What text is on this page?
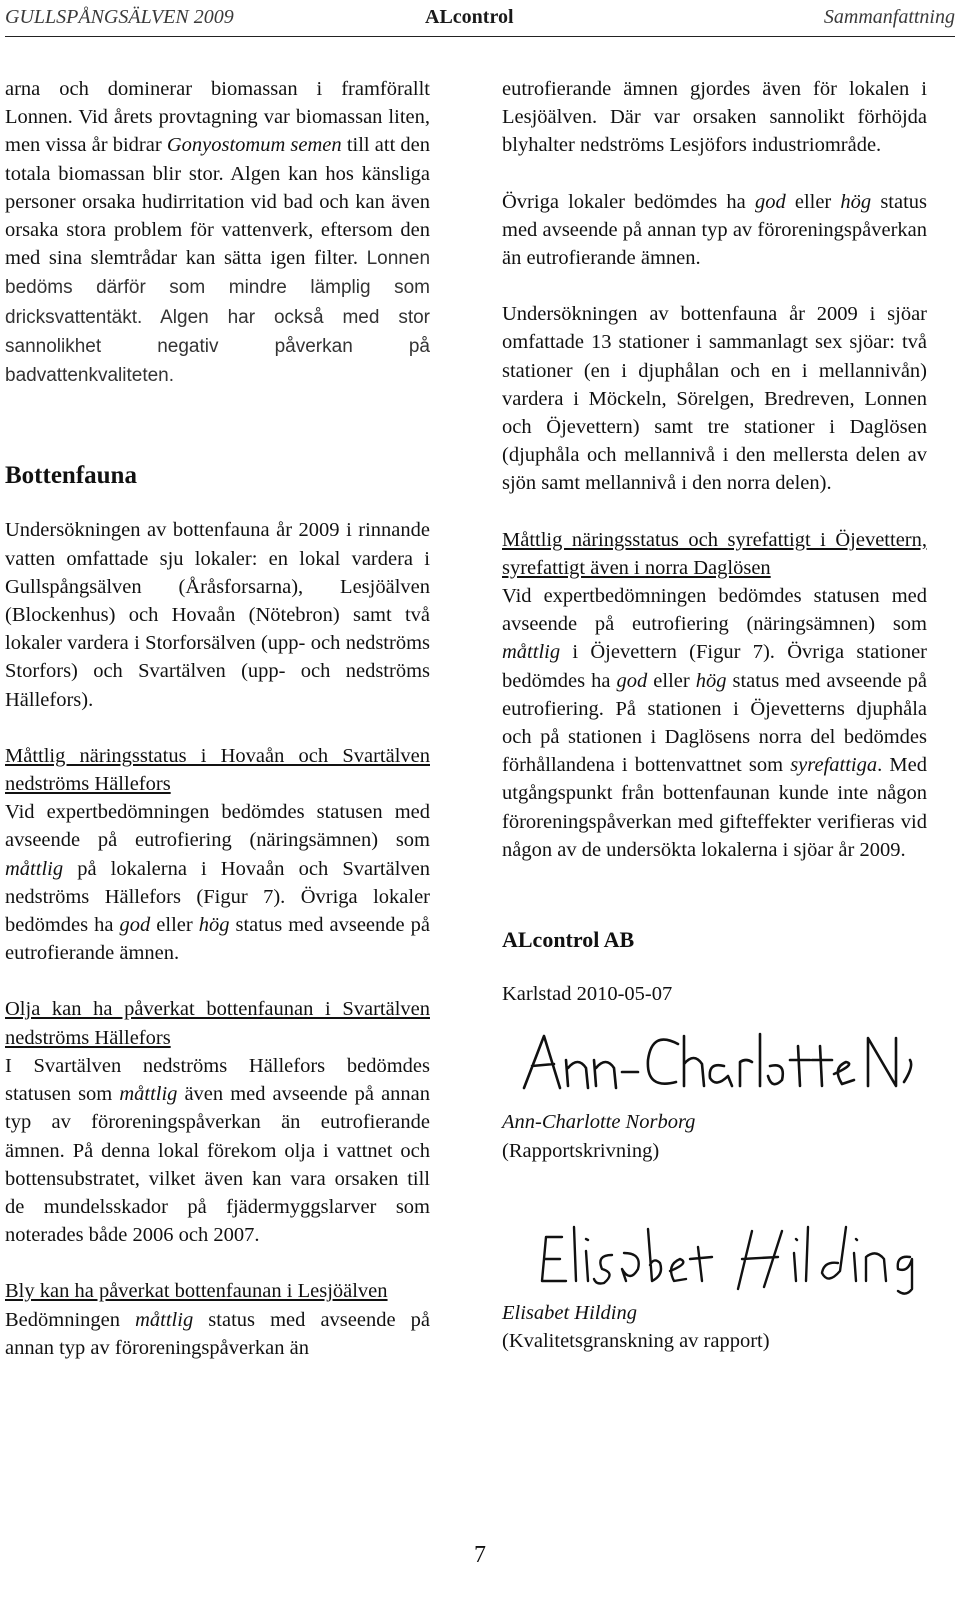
GULLSPÅNGSÄLVEN 2009	ALcontrol	Sammanfattning

arna och dominerar biomassan i framförallt Lonnen. Vid årets provtagning var biomassan liten, men vissa år bidrar Gonyostomum semen till att den totala biomassan blir stor. Algen kan hos känsliga personer orsaka hudirritation vid bad och kan även orsaka stora problem för vattenverk, eftersom den med sina slemtrådar kan sätta igen filter. Lonnen bedöms därför som mindre lämplig som dricksvattentäkt. Algen har också med stor sannolikhet negativ påverkan på badvattenkvaliteten.

Bottenfauna

Undersökningen av bottenfauna år 2009 i rinnande vatten omfattade sju lokaler: en lokal vardera i Gullspångsälven (Åråsforsarna), Lesjöälven (Blockenhus) och Hovaån (Nötebron) samt två lokaler vardera i Storforsälven (upp- och nedströms Storfors) och Svartälven (upp- och nedströms Hällefors).

Måttlig näringsstatus i Hovaån och Svartälven nedströms Hällefors
Vid expertbedömningen bedömdes statusen med avseende på eutrofiering (näringsämnen) som måttlig på lokalerna i Hovaån och Svartälven nedströms Hällefors (Figur 7). Övriga lokaler bedömdes ha god eller hög status med avseende på eutrofierande ämnen.

Olja kan ha påverkat bottenfaunan i Svartälven nedströms Hällefors
I Svartälven nedströms Hällefors bedömdes statusen som måttlig även med avseende på annan typ av föroreningspåverkan än eutrofierande ämnen. På denna lokal förekom olja i vattnet och bottensubstratet, vilket även kan vara orsaken till de mundelsskador på fjädermyggslarver som noterades både 2006 och 2007.

Bly kan ha påverkat bottenfaunan i Lesjöälven
Bedömningen måttlig status med avseende på annan typ av föroreningspåverkan än

eutrofierande ämnen gjordes även för lokalen i Lesjöälven. Där var orsaken sannolikt förhöjda blyhalter nedströms Lesjöfors industriområde.

Övriga lokaler bedömdes ha god eller hög status med avseende på annan typ av föroreningspåverkan än eutrofierande ämnen.

Undersökningen av bottenfauna år 2009 i sjöar omfattade 13 stationer i sammanlagt sex sjöar: två stationer (en i djuphålan och en i mellannivån) vardera i Möckeln, Sörelgen, Bredreven, Lonnen och Öjevettern) samt tre stationer i Daglösen (djuphåla och mellannivå i den mellersta delen av sjön samt mellannivå i den norra delen).

Måttlig näringsstatus och syrefattigt i Öjevettern, syrefattigt även i norra Daglösen
Vid expertbedömningen bedömdes statusen med avseende på eutrofiering (näringsämnen) som måttlig i Öjevettern (Figur 7). Övriga stationer bedömdes ha god eller hög status med avseende på eutrofiering. På stationen i Öjevetterns djuphåla och på stationen i Daglösens norra del bedömdes förhållandena i bottenvattnet som syrefattiga. Med utgångspunkt från bottenfaunan kunde inte någon föroreningspåverkan med gifteffekter verifieras vid någon av de undersökta lokalerna i sjöar år 2009.

ALcontrol AB

Karlstad 2010-05-07

Ann-Charlotte Norborg

(Rapportskrivning)

Elisabet Hilding

(Kvalitetsgranskning av rapport)

7
